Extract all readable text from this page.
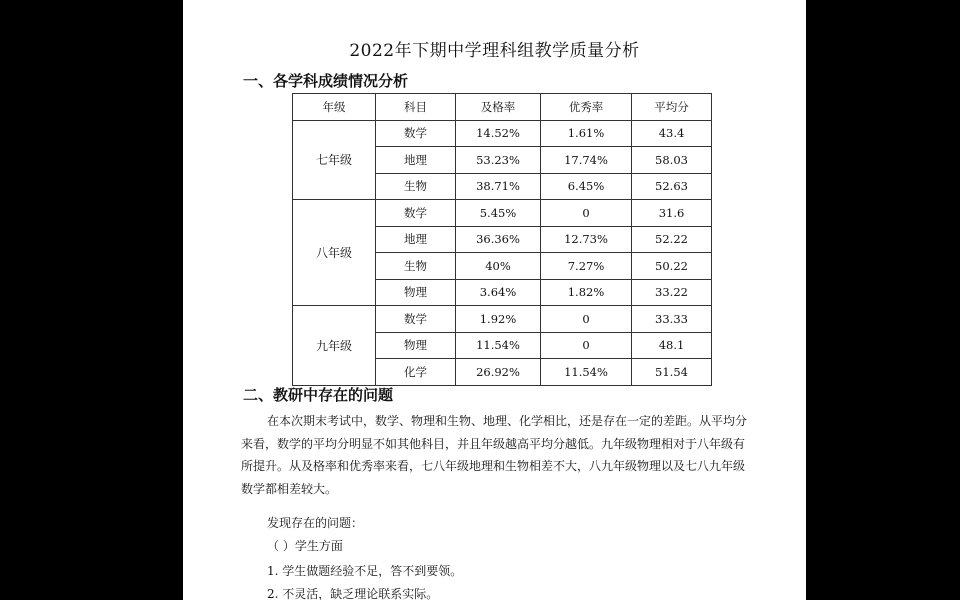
2022年下期中学理科组教学质量分析
一、各学科成绩情况分析
年级	科目	及格率	优秀率	平均分
七年级	数学	14.52%	1.61%	43.4
	地理	53.23%	17.74%	58.03
	生物	38.71%	6.45%	52.63
八年级	数学	5.45%	0	31.6
	地理	36.36%	12.73%	52.22
	生物	40%	7.27%	50.22
	物理	3.64%	1.82%	33.22
九年级	数学	1.92%	0	33.33
	物理	11.54%	0	48.1
	化学	26.92%	11.54%	51.54
二、教研中存在的问题
在本次期末考试中，数学、物理和生物、地理、化学相比，还是存在一定的差距。从平均分来看，数学的平均分明显不如其他科目，并且年级越高平均分越低。九年级物理相对于八年级有所提升。从及格率和优秀率来看，七八年级地理和生物相差不大，八九年级物理以及七八九年级数学都相差较大。
发现存在的问题：
（ ）学生方面
1. 学生做题经验不足，答不到要领。
2. 不灵活，缺乏理论联系实际。
